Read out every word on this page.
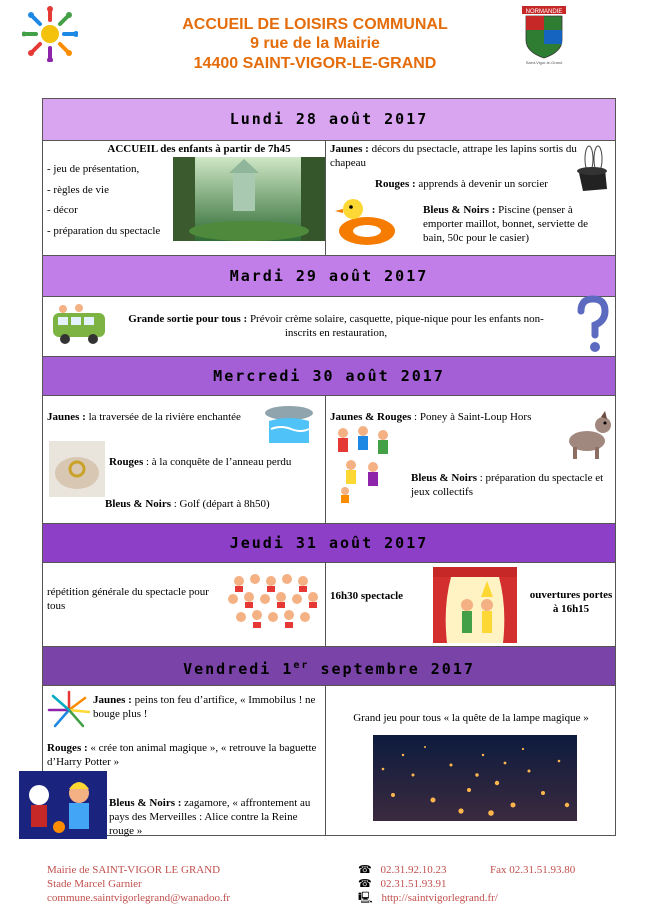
ACCUEIL DE LOISIRS COMMUNAL
9 rue de la Mairie
14400 SAINT-VIGOR-LE-GRAND
NORMANDIE
Saint-Vigor-le-Grand
Lundi 28 août 2017
ACCUEIL des enfants à partir de 7h45
- jeu de présentation,
- règles de vie
- décor
- préparation du spectacle
Jaunes : décors du psectacle, attrape les lapins sortis du chapeau
Rouges : apprends à devenir un sorcier
Bleus & Noirs : Piscine (penser à emporter maillot, bonnet, serviette de bain, 50c pour le casier)
Mardi 29 août 2017
Grande sortie pour tous : Prévoir crème solaire, casquette, pique-nique pour les enfants non-inscrits en restauration,
Mercredi 30 août 2017
Jaunes : la traversée de la rivière enchantée
Rouges : à la conquête de l’anneau perdu
Bleus & Noirs : Golf (départ à 8h50)
Jaunes & Rouges : Poney à Saint-Loup Hors
Bleus & Noirs : préparation du spectacle et jeux collectifs
Jeudi 31 août 2017
répétition générale du spectacle pour tous
16h30 spectacle	ouvertures portes à 16h15
Vendredi 1er septembre 2017
Jaunes : peins ton feu d’artifice, « Immobilus ! ne bouge plus !
Rouges : « crée ton animal magique », « retrouve la baguette d’Harry Potter »
Bleus & Noirs : zagamore, « affrontement au pays des Merveilles : Alice contre la Reine rouge »
Grand jeu pour tous « la quête de la lampe magique »
Mairie de SAINT-VIGOR LE GRAND
Stade Marcel Garnier
commune.saintvigorlegrand@wanadoo.fr
☎ 02.31.92.10.23	Fax 02.31.51.93.80
☎ 02.31.51.93.91
🖳 http://saintvigorlegrand.fr/
